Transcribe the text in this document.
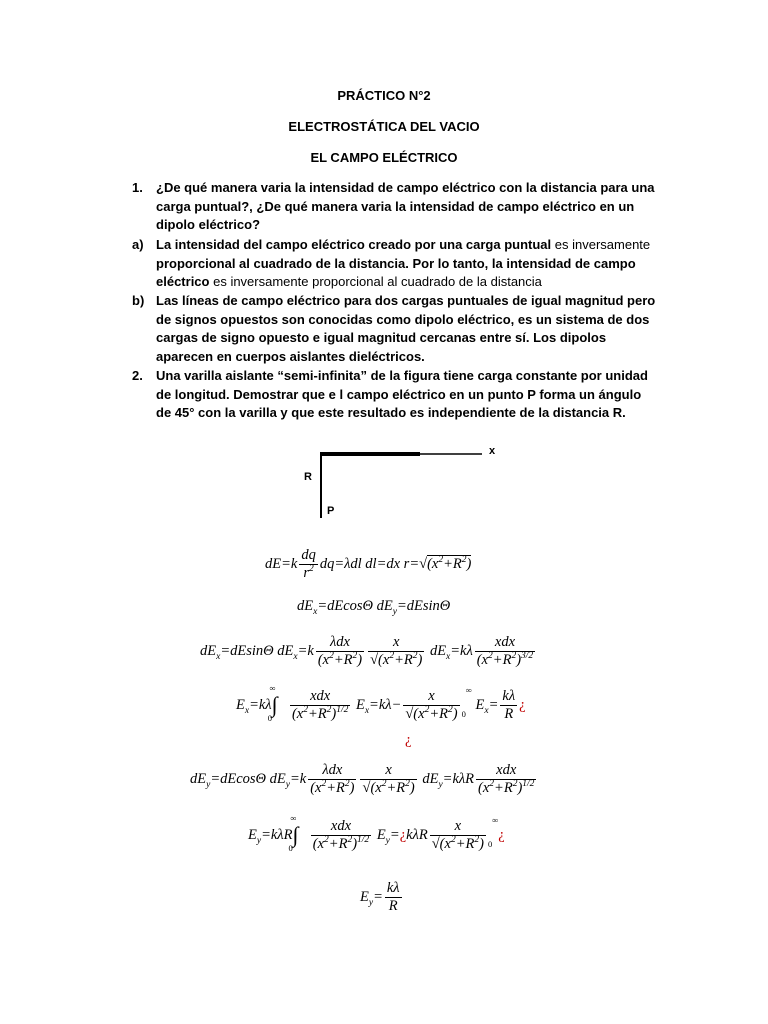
PRÁCTICO N°2
ELECTROSTÁTICA DEL VACIO
EL CAMPO ELÉCTRICO
1. ¿De qué manera varia la intensidad de campo eléctrico con la distancia para una carga puntual?, ¿De qué manera varia la intensidad de campo eléctrico en un dipolo eléctrico?
a) La intensidad del campo eléctrico creado por una carga puntual es inversamente proporcional al cuadrado de la distancia. Por lo tanto, la intensidad de campo eléctrico es inversamente proporcional al cuadrado de la distancia
b) Las líneas de campo eléctrico para dos cargas puntuales de igual magnitud pero de signos opuestos son conocidas como dipolo eléctrico, es un sistema de dos cargas de signo opuesto e igual magnitud cercanas entre sí. Los dipolos aparecen en cuerpos aislantes dieléctricos.
2. Una varilla aislante “semi-infinita” de la figura tiene carga constante por unidad de longitud. Demostrar que e l campo eléctrico en un punto P forma un ángulo de 45° con la varilla y que este resultado es independiente de la distancia R.
x
R
P
$dE=k \frac{dq}{r^2} dq=\lambda dl$ dl=dx $r=√(x^2+R^2)$
$dE_x=dEcos\Theta$ $dE_y=dEsin\Theta$
$dE_x=dEsin\Theta$ $dE_x=k \frac{\text{λdx}}{(x^2+R^2)} \frac{x}{√(x^2+R^2)} dE_x=k\lambda \frac{\text{xdx}}{(x^2+R^2)^{3/2}}$
$E_x=k\lambda\int^\infty_0 \frac{\text{xdx}}{(x^2+R^2)^{1/2}} E_x=k\lambda- \frac{x}{√(x^2+R^2)} _0^\infty$ $E_x= \frac{k\lambda}{R}$ ¿
¿
$dE_y=dEcos\Theta$ $dE_y=k \frac{\text{λdx}}{(x^2+R^2)} \frac{x}{√(x^2+R^2)} dE_y=k\lambda R \frac{\text{xdx}}{(x^2+R^2)^{1/2}}$
$E_y=k\lambda R\int^\infty_0 \frac{\text{xdx}}{(x^2+R^2)^{1/2}}$ $E_y=¿k\lambda R \frac{x}{√(x^2+R^2)}$ $_0$∞¿
$E_y= \frac{k\lambda}{R}$
